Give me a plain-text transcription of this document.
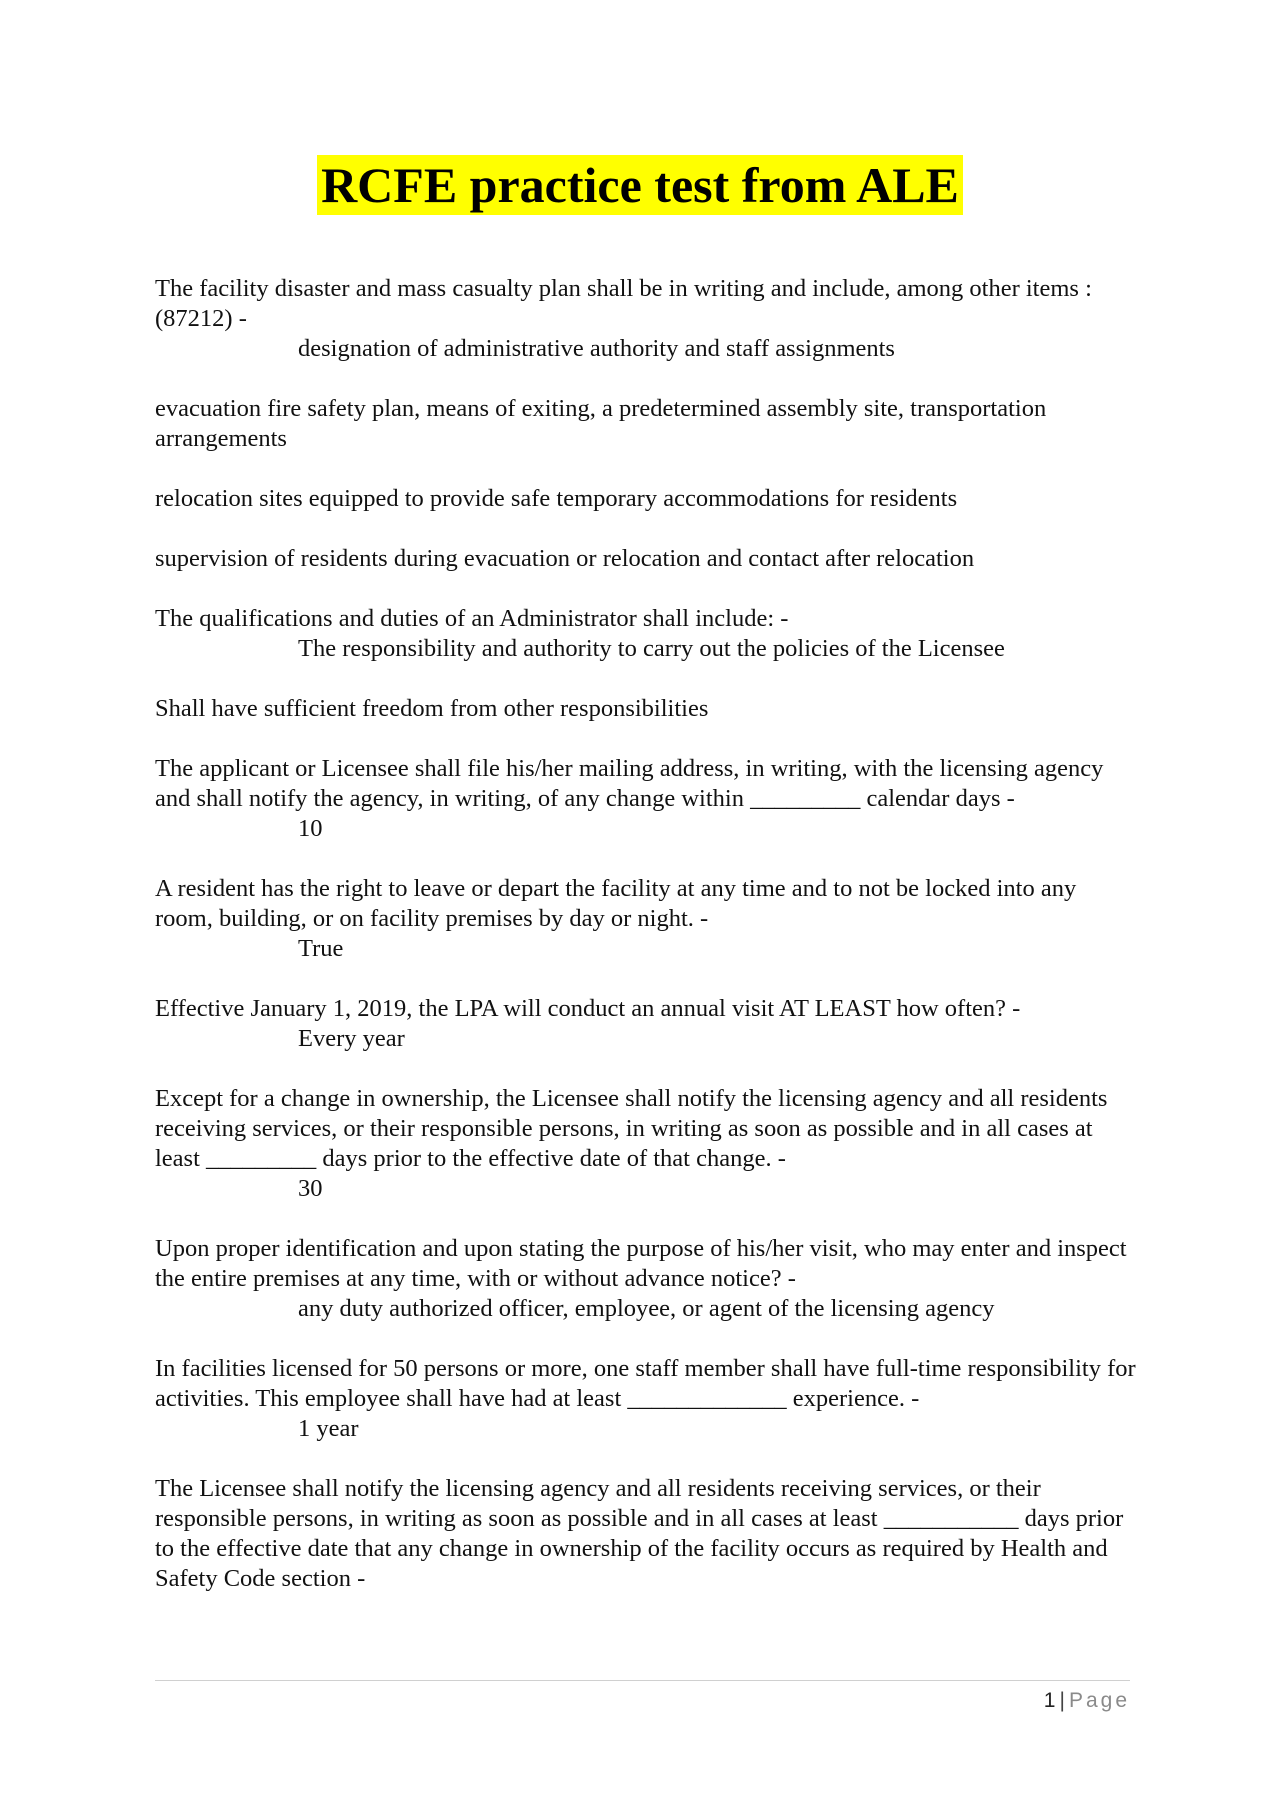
RCFE practice test from ALE

The facility disaster and mass casualty plan shall be in writing and include, among other items : (87212) -

designation of administrative authority and staff assignments

evacuation fire safety plan, means of exiting, a predetermined assembly site, transportation arrangements

relocation sites equipped to provide safe temporary accommodations for residents

supervision of residents during evacuation or relocation and contact after relocation

The qualifications and duties of an Administrator shall include: -

The responsibility and authority to carry out the policies of the Licensee

Shall have sufficient freedom from other responsibilities

The applicant or Licensee shall file his/her mailing address, in writing, with the licensing agency and shall notify the agency, in writing, of any change within _________ calendar days -

10

A resident has the right to leave or depart the facility at any time and to not be locked into any room, building, or on facility premises by day or night. -

True

Effective January 1, 2019, the LPA will conduct an annual visit AT LEAST how often? -

Every year

Except for a change in ownership, the Licensee shall notify the licensing agency and all residents receiving services, or their responsible persons, in writing as soon as possible and in all cases at least _________ days prior to the effective date of that change. -

30

Upon proper identification and upon stating the purpose of his/her visit, who may enter and inspect the entire premises at any time, with or without advance notice? -

any duty authorized officer, employee, or agent of the licensing agency

In facilities licensed for 50 persons or more, one staff member shall have full-time responsibility for activities. This employee shall have had at least _____________ experience. -

1 year

The Licensee shall notify the licensing agency and all residents receiving services, or their responsible persons, in writing as soon as possible and in all cases at least ___________ days prior to the effective date that any change in ownership of the facility occurs as required by Health and Safety Code section -

1 | Page
